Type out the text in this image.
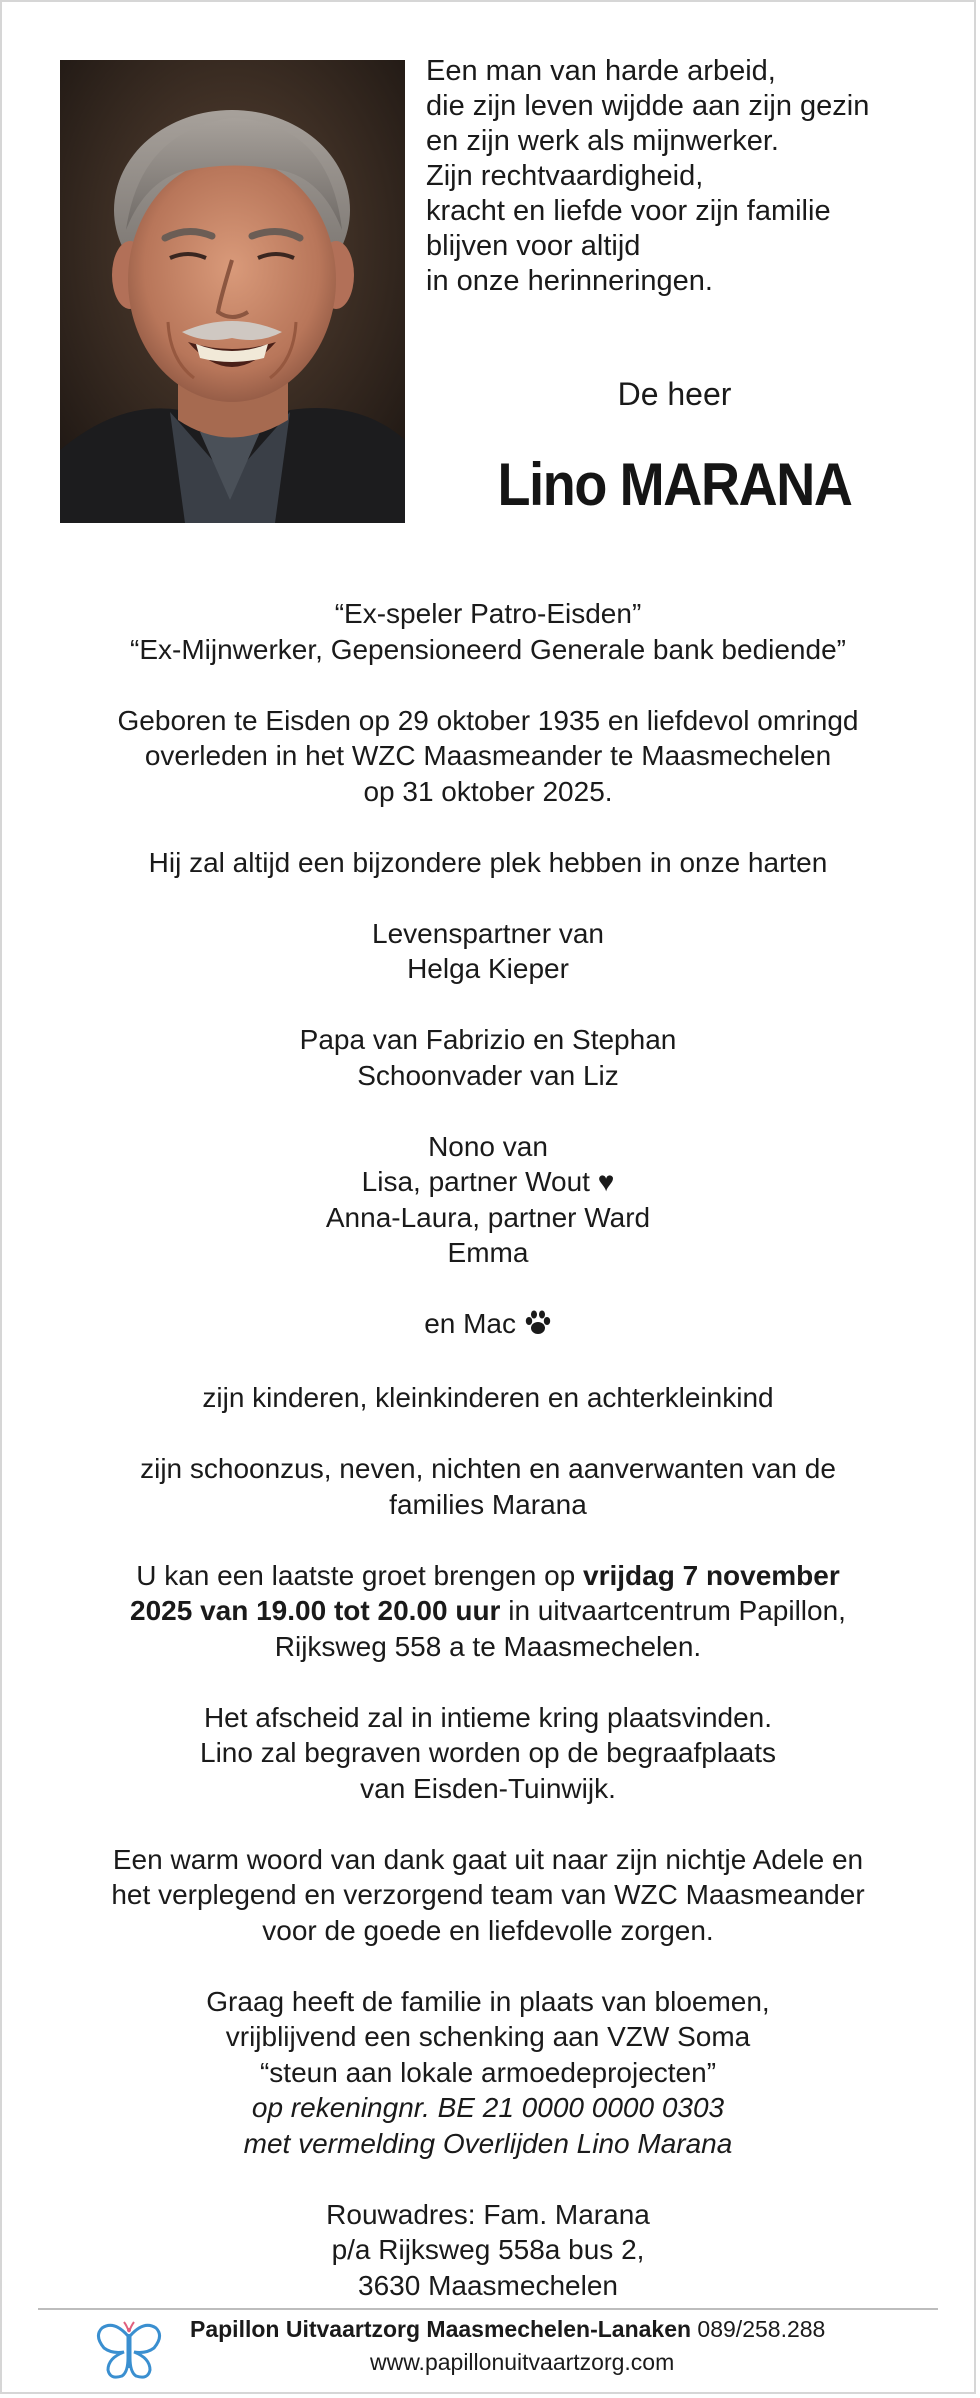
Een man van harde arbeid,
die zijn leven wijdde aan zijn gezin
en zijn werk als mijnwerker.
Zijn rechtvaardigheid,
kracht en liefde voor zijn familie
blijven voor altijd
in onze herinneringen.
De heer
Lino MARANA

“Ex-speler Patro-Eisden”
“Ex-Mijnwerker, Gepensioneerd Generale bank bediende”

Geboren te Eisden op 29 oktober 1935 en liefdevol omringd
overleden in het WZC Maasmeander te Maasmechelen
op 31 oktober 2025.

Hij zal altijd een bijzondere plek hebben in onze harten

Levenspartner van
Helga Kieper

Papa van Fabrizio en Stephan
Schoonvader van Liz

Nono van
Lisa, partner Wout ♥
Anna-Laura, partner Ward
Emma

en Mac

zijn kinderen, kleinkinderen en achterkleinkind

zijn schoonzus, neven, nichten en aanverwanten van de
families Marana

U kan een laatste groet brengen op vrijdag 7 november
2025 van 19.00 tot 20.00 uur in uitvaartcentrum Papillon,
Rijksweg 558 a te Maasmechelen.

Het afscheid zal in intieme kring plaatsvinden.
Lino zal begraven worden op de begraafplaats
van Eisden-Tuinwijk.

Een warm woord van dank gaat uit naar zijn nichtje Adele en
het verplegend en verzorgend team van WZC Maasmeander
voor de goede en liefdevolle zorgen.

Graag heeft de familie in plaats van bloemen,
vrijblijvend een schenking aan VZW Soma
“steun aan lokale armoedeprojecten”
op rekeningnr. BE 21 0000 0000 0303
met vermelding Overlijden Lino Marana

Rouwadres: Fam. Marana
p/a Rijksweg 558a bus 2,
3630 Maasmechelen

Papillon Uitvaartzorg Maasmechelen-Lanaken 089/258.288
www.papillonuitvaartzorg.com
